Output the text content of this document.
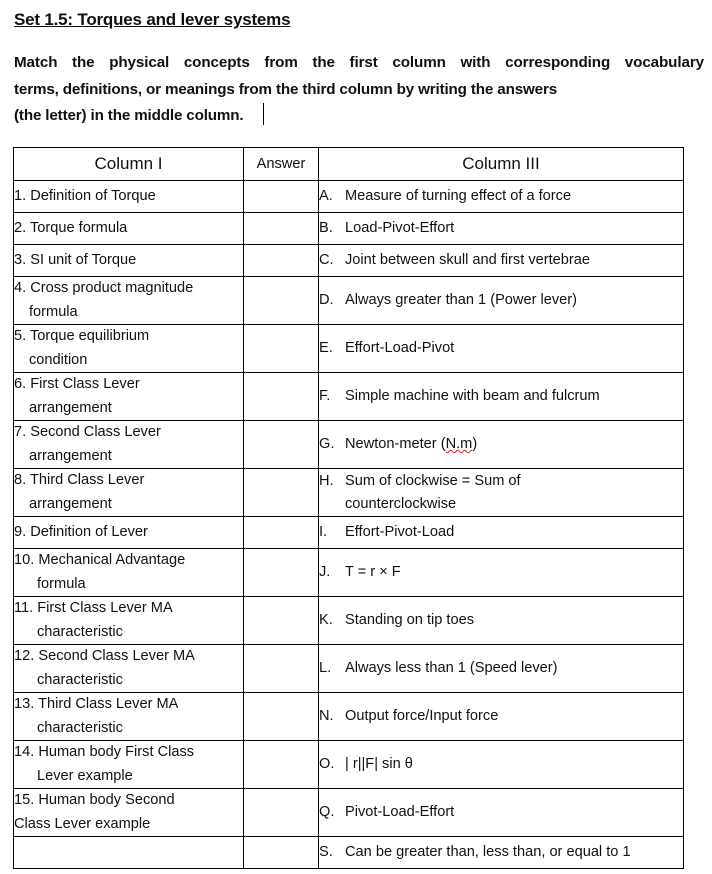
Set 1.5: Torques and lever systems
Match the physical concepts from the first column with corresponding vocabulary
terms, definitions, or meanings from the third column by writing the answers
(the letter) in the middle column.
Column I	Answer	Column III
1. Definition of Torque		A. Measure of turning effect of a force
2. Torque formula		B. Load-Pivot-Effort
3. SI unit of Torque		C. Joint between skull and first vertebrae
4. Cross product magnitude
formula		D. Always greater than 1 (Power lever)
5. Torque equilibrium
condition		E. Effort-Load-Pivot
6. First Class Lever
arrangement		F. Simple machine with beam and fulcrum
7. Second Class Lever
arrangement		G. Newton-meter (N.m)
8. Third Class Lever
arrangement		H. Sum of clockwise = Sum of
counterclockwise

9. Definition of Lever		I. Effort-Pivot-Load
10. Mechanical Advantage
formula		J. T = r × F
11. First Class Lever MA
characteristic		K. Standing on tip toes
12. Second Class Lever MA
characteristic		L. Always less than 1 (Speed lever)
13. Third Class Lever MA
characteristic		N. Output force/Input force
14. Human body First Class
Lever example		O. | r||F| sin θ
15. Human body Second
Class Lever example		Q. Pivot-Load-Effort
		S. Can be greater than, less than, or equal to 1
